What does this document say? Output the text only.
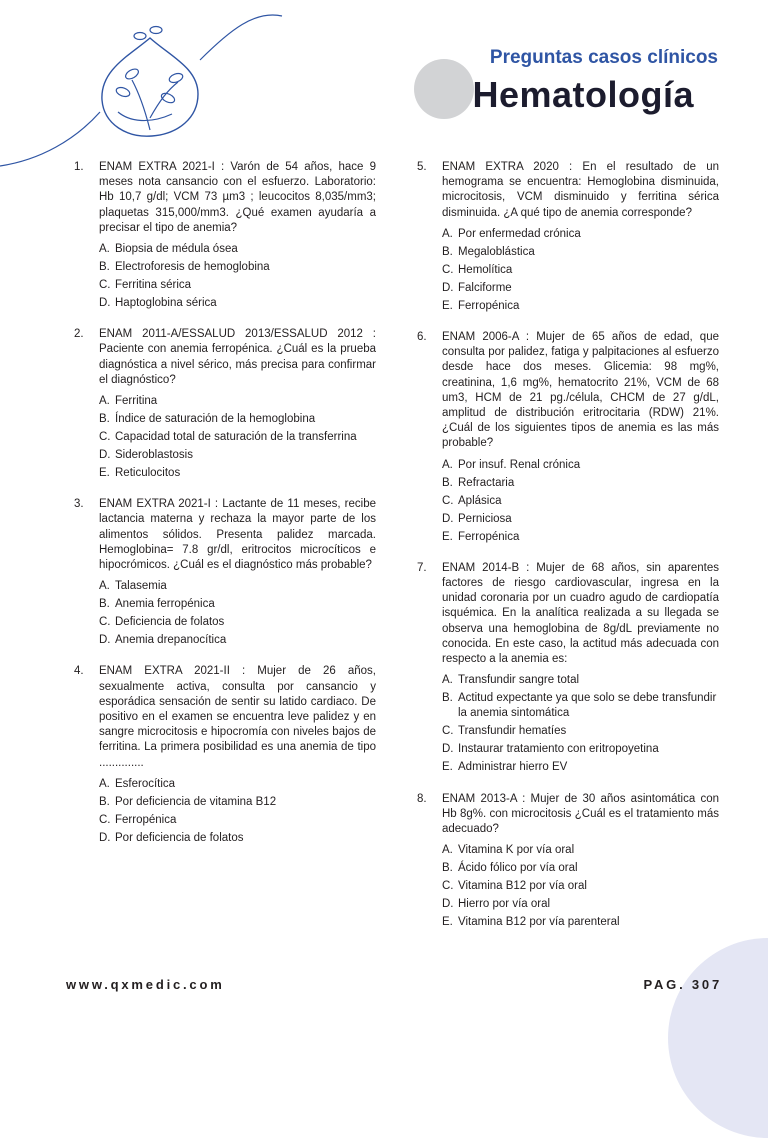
Preguntas casos clínicos
Hematología
1.	ENAM EXTRA 2021-I : Varón de 54 años, hace 9 meses nota cansancio con el esfuerzo. Laboratorio: Hb 10,7 g/dl; VCM 73 µm3 ; leucocitos 8,035/mm3; plaquetas 315,000/mm3. ¿Qué examen ayudaría a precisar el tipo de anemia?
A. Biopsia de médula ósea
B. Electroforesis de hemoglobina
C. Ferritina sérica
D. Haptoglobina sérica
2.	ENAM 2011-A/ESSALUD 2013/ESSALUD 2012 : Paciente con anemia ferropénica. ¿Cuál es la prueba diagnóstica a nivel sérico, más precisa para confirmar el diagnóstico?
A. Ferritina
B. Índice de saturación de la hemoglobina
C. Capacidad total de saturación de la transferrina
D. Sideroblastosis
E. Reticulocitos
3.	ENAM EXTRA 2021-I : Lactante de 11 meses, recibe lactancia materna y rechaza la mayor parte de los alimentos sólidos. Presenta palidez marcada. Hemoglobina= 7.8 gr/dl, eritrocitos microcíticos e hipocrómicos. ¿Cuál es el diagnóstico más probable?
A. Talasemia
B. Anemia ferropénica
C. Deficiencia de folatos
D. Anemia drepanocítica
4.	ENAM EXTRA 2021-II : Mujer de 26 años, sexualmente activa, consulta por cansancio y esporádica sensación de sentir su latido cardiaco. De positivo en el examen se encuentra leve palidez y en sangre microcitosis e hipocromía con niveles bajos de ferritina. La primera posibilidad es una anemia de tipo ..............
A. Esferocítica
B. Por deficiencia de vitamina B12
C. Ferropénica
D. Por deficiencia de folatos
5.	ENAM EXTRA 2020 : En el resultado de un hemograma se encuentra: Hemoglobina disminuida, microcitosis, VCM disminuido y ferritina sérica disminuida. ¿A qué tipo de anemia corresponde?
A. Por enfermedad crónica
B. Megaloblástica
C. Hemolítica
D. Falciforme
E. Ferropénica
6.	ENAM 2006-A : Mujer de 65 años de edad, que consulta por palidez, fatiga y palpitaciones al esfuerzo desde hace dos meses. Glicemia: 98 mg%, creatinina, 1,6 mg%, hematocrito 21%, VCM de 68 um3, HCM de 21 pg./célula, CHCM de 27 g/dL, amplitud de distribución eritrocitaria (RDW) 21%. ¿Cuál de los siguientes tipos de anemia es las más probable?
A. Por insuf. Renal crónica
B. Refractaria
C. Aplásica
D. Perniciosa
E. Ferropénica
7.	ENAM 2014-B : Mujer de 68 años, sin aparentes factores de riesgo cardiovascular, ingresa en la unidad coronaria por un cuadro agudo de cardiopatía isquémica. En la analítica realizada a su llegada se observa una hemoglobina de 8g/dL previamente no conocida. En este caso, la actitud más adecuada con respecto a la anemia es:
A. Transfundir sangre total
B. Actitud expectante ya que solo se debe transfundir la anemia sintomática
C. Transfundir hematíes
D. Instaurar tratamiento con eritropoyetina
E. Administrar hierro EV
8.	ENAM 2013-A : Mujer de 30 años asintomática con Hb 8g%. con microcitosis ¿Cuál es el tratamiento más adecuado?
A. Vitamina K por vía oral
B. Ácido fólico por vía oral
C. Vitamina B12 por vía oral
D. Hierro por vía oral
E. Vitamina B12 por vía parenteral
www.qxmedic.com	PAG. 307
